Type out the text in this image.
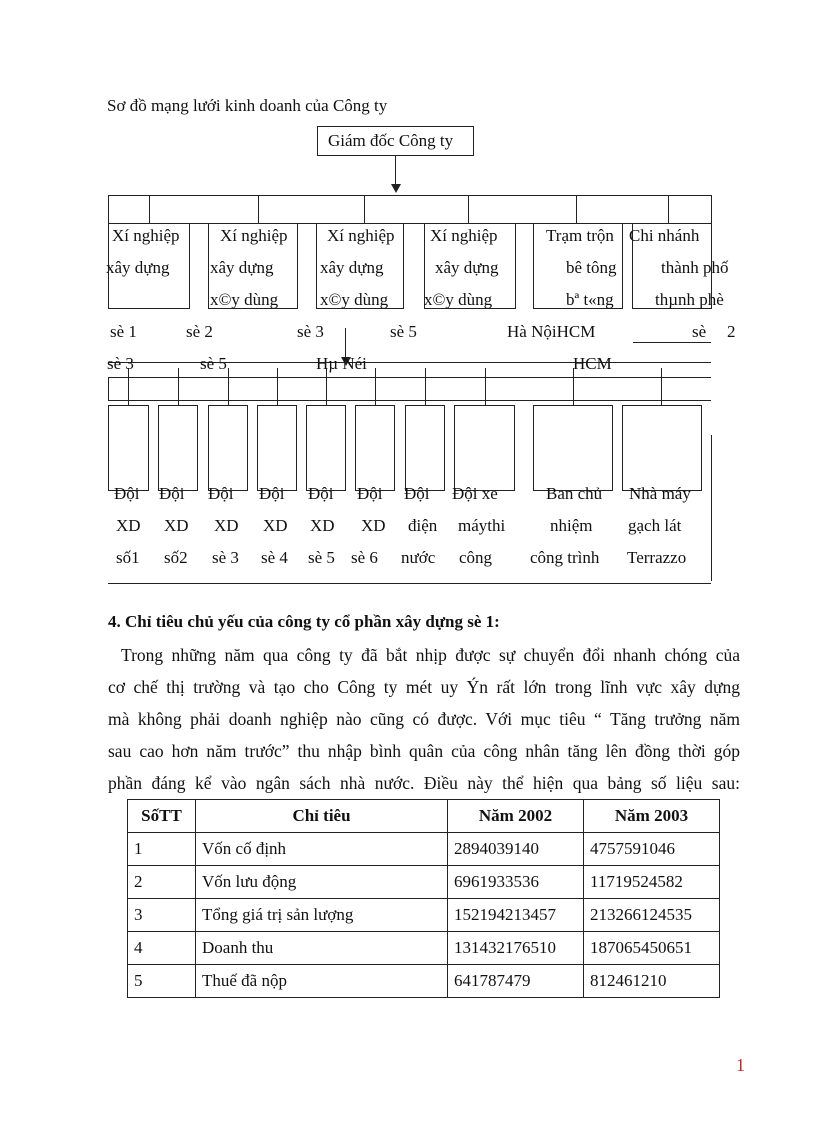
Sơ đồ mạng lưới kinh doanh của Công ty
Giám đốc Công ty
Xí nghiệp
xây dựng
Xí nghiệp
xây dựng
x©y dùng
Xí nghiệp
xây dựng
x©y dùng
Xí nghiệp
xây dựng
x©y dùng
Trạm trộn
bê tông
bª t«ng
Chi nhánh
thành phố
thµnh phè
sè 1	sè 2	sè 3	sè 5	Hà NộiHCM	sè 2
sè 3	sè 5	Hµ Néi	HCM
Đội
XD
số1
Đội
XD
số2
Đội
XD
sè 3
Đội
XD
sè 4
Đội
XD
sè 5
Đội
XD
sè 6
Đội
điện
nước
Đội xe
máythi
công
Ban chủ
nhiệm
công trình
Nhà máy
gạch lát
Terrazzo
4. Chỉ tiêu chủ yếu của công ty cổ phần xây dựng sè 1:
Trong những năm qua công ty đã bắt nhịp được sự chuyển đổi nhanh chóng của
cơ chế thị trường và tạo cho Công ty mét uy Ýn rất lớn trong lĩnh vực xây dựng
mà không phải doanh nghiệp nào cũng có được. Với mục tiêu “ Tăng trưởng năm
sau cao hơn năm trước” thu nhập bình quân của công nhân tăng lên đồng thời góp
phần đáng kể vào ngân sách nhà nước. Điều này thể hiện qua bảng số liệu sau:
SốTT	Chỉ tiêu	Năm 2002	Năm 2003
1	Vốn cố định	2894039140	4757591046
2	Vốn lưu động	6961933536	11719524582
3	Tổng giá trị sản lượng	152194213457	213266124535
4	Doanh thu	131432176510	187065450651
5	Thuế đã nộp	641787479	812461210
1
